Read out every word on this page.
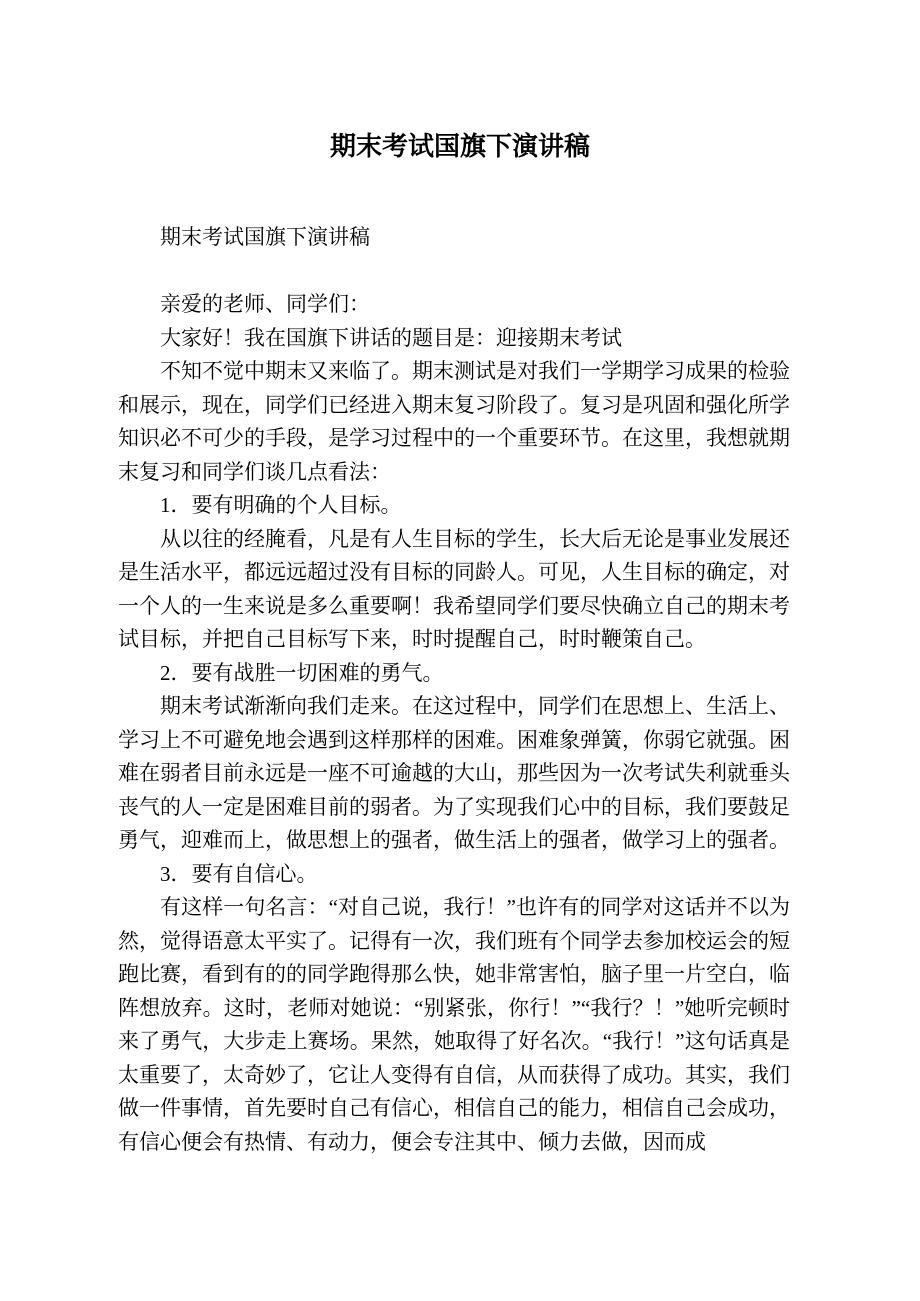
期末考试国旗下演讲稿

期末考试国旗下演讲稿

亲爱的老师、同学们：

大家好！我在国旗下讲话的题目是：迎接期末考试

不知不觉中期末又来临了。期末测试是对我们一学期学习成果的检验和展示，现在，同学们已经进入期末复习阶段了。复习是巩固和强化所学知识必不可少的手段，是学习过程中的一个重要环节。在这里，我想就期末复习和同学们谈几点看法：

1．要有明确的个人目标。

从以往的经腌看，凡是有人生目标的学生，长大后无论是事业发展还是生活水平，都远远超过没有目标的同龄人。可见，人生目标的确定，对一个人的一生来说是多么重要啊！我希望同学们要尽快确立自己的期末考试目标，并把自己目标写下来，时时提醒自己，时时鞭策自己。

2．要有战胜一切困难的勇气。

期末考试渐渐向我们走来。在这过程中，同学们在思想上、生活上、学习上不可避免地会遇到这样那样的困难。困难象弹簧，你弱它就强。困难在弱者目前永远是一座不可逾越的大山，那些因为一次考试失利就垂头丧气的人一定是困难目前的弱者。为了实现我们心中的目标，我们要鼓足勇气，迎难而上，做思想上的强者，做生活上的强者，做学习上的强者。

3．要有自信心。

有这样一句名言：“对自己说，我行！”也许有的同学对这话并不以为然，觉得语意太平实了。记得有一次，我们班有个同学去参加校运会的短跑比赛，看到有的的同学跑得那么快，她非常害怕，脑子里一片空白，临阵想放弃。这时，老师对她说：“别紧张，你行！”“我行？！”她听完顿时来了勇气，大步走上赛场。果然，她取得了好名次。“我行！”这句话真是太重要了，太奇妙了，它让人变得有自信，从而获得了成功。其实，我们做一件事情，首先要时自己有信心，相信自己的能力，相信自己会成功，有信心便会有热情、有动力，便会专注其中、倾力去做，因而成
